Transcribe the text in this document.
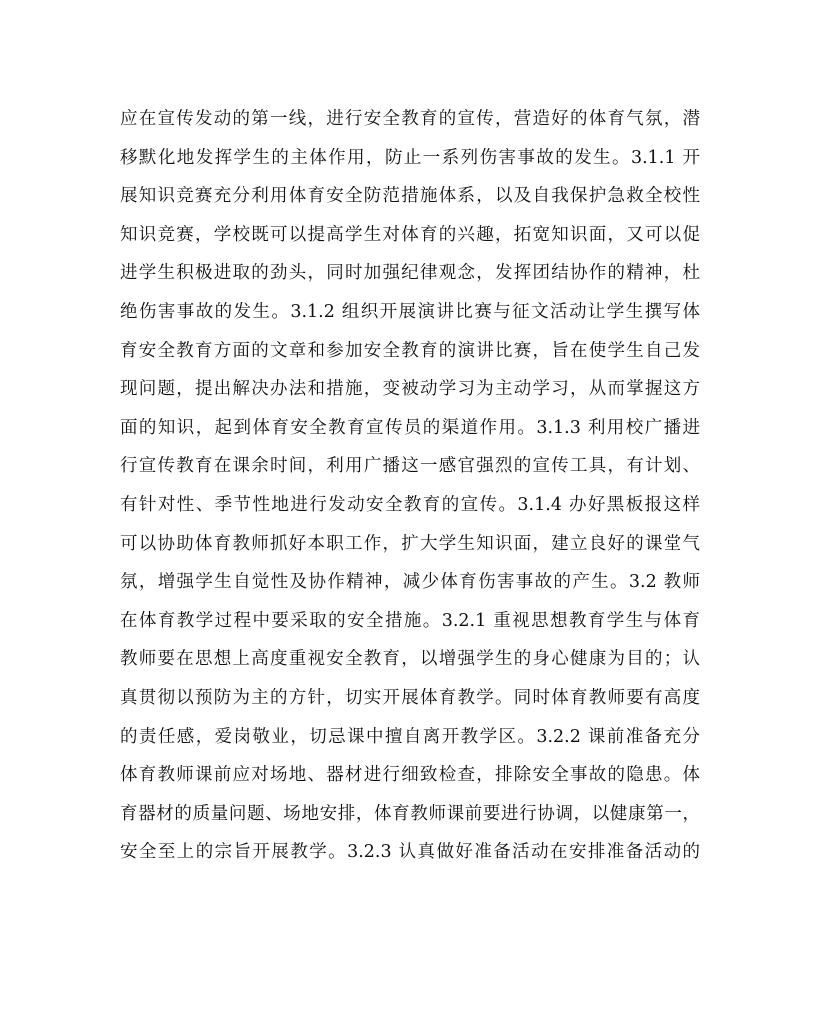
应在宣传发动的第一线，进行安全教育的宣传，营造好的体育气氛，潜
移默化地发挥学生的主体作用，防止一系列伤害事故的发生。3.1.1 开
展知识竞赛充分利用体育安全防范措施体系，以及自我保护急救全校性
知识竞赛，学校既可以提高学生对体育的兴趣，拓宽知识面，又可以促
进学生积极进取的劲头，同时加强纪律观念，发挥团结协作的精神，杜
绝伤害事故的发生。3.1.2 组织开展演讲比赛与征文活动让学生撰写体
育安全教育方面的文章和参加安全教育的演讲比赛，旨在使学生自己发
现问题，提出解决办法和措施，变被动学习为主动学习，从而掌握这方
面的知识，起到体育安全教育宣传员的渠道作用。3.1.3 利用校广播进
行宣传教育在课余时间，利用广播这一感官强烈的宣传工具，有计划、
有针对性、季节性地进行发动安全教育的宣传。3.1.4 办好黑板报这样
可以协助体育教师抓好本职工作，扩大学生知识面，建立良好的课堂气
氛，增强学生自觉性及协作精神，减少体育伤害事故的产生。3.2 教师
在体育教学过程中要采取的安全措施。3.2.1 重视思想教育学生与体育
教师要在思想上高度重视安全教育，以增强学生的身心健康为目的；认
真贯彻以预防为主的方针，切实开展体育教学。同时体育教师要有高度
的责任感，爱岗敬业，切忌课中擅自离开教学区。3.2.2 课前准备充分
体育教师课前应对场地、器材进行细致检查，排除安全事故的隐患。体
育器材的质量问题、场地安排，体育教师课前要进行协调，以健康第一，
安全至上的宗旨开展教学。3.2.3 认真做好准备活动在安排准备活动的
